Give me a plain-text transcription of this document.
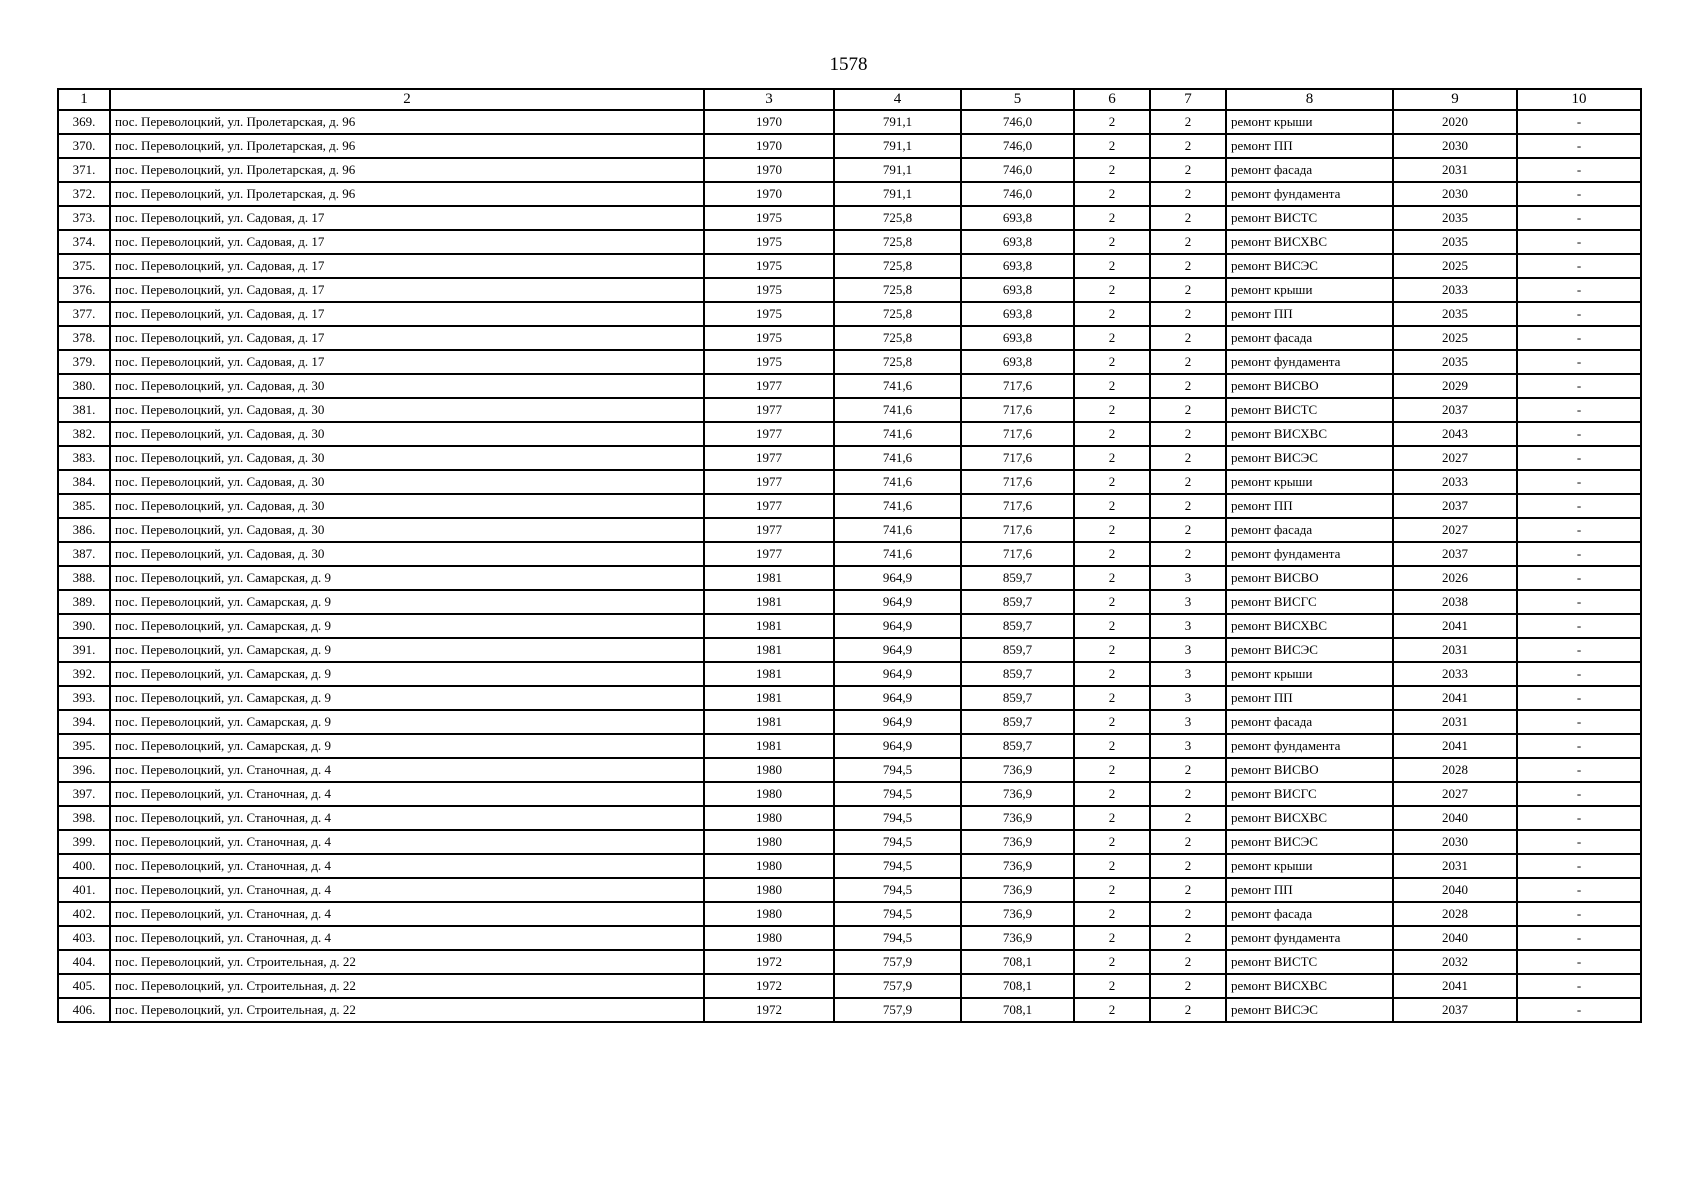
1578
1	2	3	4	5	6	7	8	9	10
369.	пос. Переволоцкий, ул. Пролетарская, д. 96	1970	791,1	746,0	2	2	ремонт крыши	2020	-
370.	пос. Переволоцкий, ул. Пролетарская, д. 96	1970	791,1	746,0	2	2	ремонт ПП	2030	-
371.	пос. Переволоцкий, ул. Пролетарская, д. 96	1970	791,1	746,0	2	2	ремонт фасада	2031	-
372.	пос. Переволоцкий, ул. Пролетарская, д. 96	1970	791,1	746,0	2	2	ремонт фундамента	2030	-
373.	пос. Переволоцкий, ул. Садовая, д. 17	1975	725,8	693,8	2	2	ремонт ВИСТС	2035	-
374.	пос. Переволоцкий, ул. Садовая, д. 17	1975	725,8	693,8	2	2	ремонт ВИСХВС	2035	-
375.	пос. Переволоцкий, ул. Садовая, д. 17	1975	725,8	693,8	2	2	ремонт ВИСЭС	2025	-
376.	пос. Переволоцкий, ул. Садовая, д. 17	1975	725,8	693,8	2	2	ремонт крыши	2033	-
377.	пос. Переволоцкий, ул. Садовая, д. 17	1975	725,8	693,8	2	2	ремонт ПП	2035	-
378.	пос. Переволоцкий, ул. Садовая, д. 17	1975	725,8	693,8	2	2	ремонт фасада	2025	-
379.	пос. Переволоцкий, ул. Садовая, д. 17	1975	725,8	693,8	2	2	ремонт фундамента	2035	-
380.	пос. Переволоцкий, ул. Садовая, д. 30	1977	741,6	717,6	2	2	ремонт ВИСВО	2029	-
381.	пос. Переволоцкий, ул. Садовая, д. 30	1977	741,6	717,6	2	2	ремонт ВИСТС	2037	-
382.	пос. Переволоцкий, ул. Садовая, д. 30	1977	741,6	717,6	2	2	ремонт ВИСХВС	2043	-
383.	пос. Переволоцкий, ул. Садовая, д. 30	1977	741,6	717,6	2	2	ремонт ВИСЭС	2027	-
384.	пос. Переволоцкий, ул. Садовая, д. 30	1977	741,6	717,6	2	2	ремонт крыши	2033	-
385.	пос. Переволоцкий, ул. Садовая, д. 30	1977	741,6	717,6	2	2	ремонт ПП	2037	-
386.	пос. Переволоцкий, ул. Садовая, д. 30	1977	741,6	717,6	2	2	ремонт фасада	2027	-
387.	пос. Переволоцкий, ул. Садовая, д. 30	1977	741,6	717,6	2	2	ремонт фундамента	2037	-
388.	пос. Переволоцкий, ул. Самарская, д. 9	1981	964,9	859,7	2	3	ремонт ВИСВО	2026	-
389.	пос. Переволоцкий, ул. Самарская, д. 9	1981	964,9	859,7	2	3	ремонт ВИСГС	2038	-
390.	пос. Переволоцкий, ул. Самарская, д. 9	1981	964,9	859,7	2	3	ремонт ВИСХВС	2041	-
391.	пос. Переволоцкий, ул. Самарская, д. 9	1981	964,9	859,7	2	3	ремонт ВИСЭС	2031	-
392.	пос. Переволоцкий, ул. Самарская, д. 9	1981	964,9	859,7	2	3	ремонт крыши	2033	-
393.	пос. Переволоцкий, ул. Самарская, д. 9	1981	964,9	859,7	2	3	ремонт ПП	2041	-
394.	пос. Переволоцкий, ул. Самарская, д. 9	1981	964,9	859,7	2	3	ремонт фасада	2031	-
395.	пос. Переволоцкий, ул. Самарская, д. 9	1981	964,9	859,7	2	3	ремонт фундамента	2041	-
396.	пос. Переволоцкий, ул. Станочная, д. 4	1980	794,5	736,9	2	2	ремонт ВИСВО	2028	-
397.	пос. Переволоцкий, ул. Станочная, д. 4	1980	794,5	736,9	2	2	ремонт ВИСГС	2027	-
398.	пос. Переволоцкий, ул. Станочная, д. 4	1980	794,5	736,9	2	2	ремонт ВИСХВС	2040	-
399.	пос. Переволоцкий, ул. Станочная, д. 4	1980	794,5	736,9	2	2	ремонт ВИСЭС	2030	-
400.	пос. Переволоцкий, ул. Станочная, д. 4	1980	794,5	736,9	2	2	ремонт крыши	2031	-
401.	пос. Переволоцкий, ул. Станочная, д. 4	1980	794,5	736,9	2	2	ремонт ПП	2040	-
402.	пос. Переволоцкий, ул. Станочная, д. 4	1980	794,5	736,9	2	2	ремонт фасада	2028	-
403.	пос. Переволоцкий, ул. Станочная, д. 4	1980	794,5	736,9	2	2	ремонт фундамента	2040	-
404.	пос. Переволоцкий, ул. Строительная, д. 22	1972	757,9	708,1	2	2	ремонт ВИСТС	2032	-
405.	пос. Переволоцкий, ул. Строительная, д. 22	1972	757,9	708,1	2	2	ремонт ВИСХВС	2041	-
406.	пос. Переволоцкий, ул. Строительная, д. 22	1972	757,9	708,1	2	2	ремонт ВИСЭС	2037	-
